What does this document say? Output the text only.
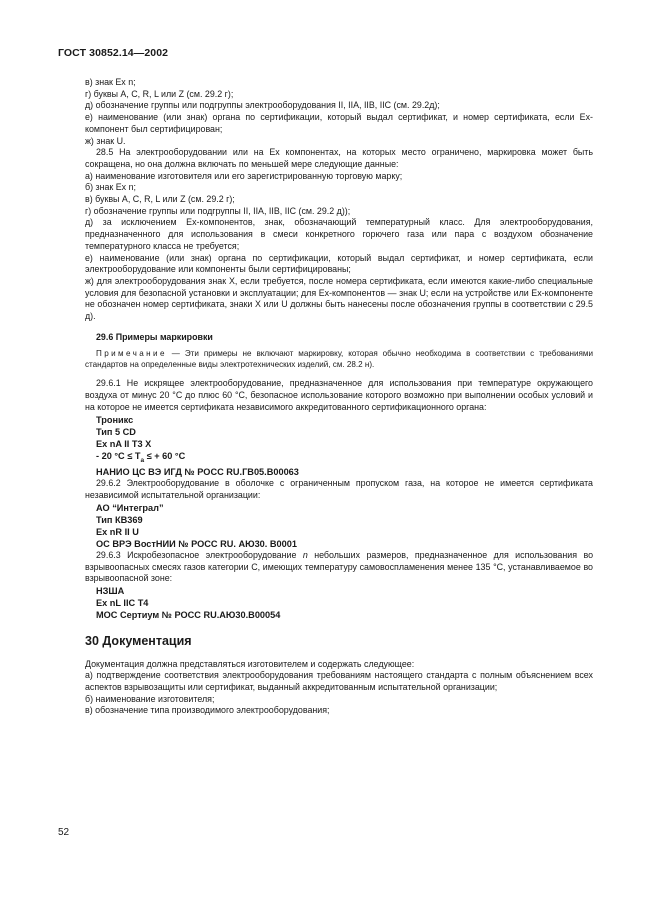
ГОСТ 30852.14—2002

в) знак Ex n;

г) буквы A, C, R, L или Z (см. 29.2 г);

д) обозначение группы или подгруппы электрооборудования II, IIA, IIB, IIC (см. 29.2д);

е) наименование (или знак) органа по сертификации, который выдал сертификат, и номер сертификата, если Ex-компонент был сертифицирован;

ж) знак U.

28.5 На электрооборудовании или на Ex компонентах, на которых место ограничено, маркировка может быть сокращена, но она должна включать по меньшей мере следующие данные:

а) наименование изготовителя или его зарегистрированную торговую марку;

б) знак Ex n;

в) буквы A, C, R, L или Z (см. 29.2 г);

г) обозначение группы или подгруппы II, IIA, IIB, IIC (см. 29.2 д));

д) за исключением Ex-компонентов, знак, обозначающий температурный класс. Для электрооборудования, предназначенного для использования в смеси конкретного горючего газа или пара с воздухом обозначение температурного класса не требуется;

е) наименование (или знак) органа по сертификации, который выдал сертификат, и номер сертификата, если электрооборудование или компоненты были сертифицированы;

ж) для электрооборудования знак X, если требуется, после номера сертификата, если имеются какие-либо специальные условия для безопасной установки и эксплуатации; для Ex-компонентов — знак U; если на устройстве или Ex-компоненте не обозначен номер сертификата, знаки X или U должны быть нанесены после обозначения группы в соответствии с 29.5 д).

29.6 Примеры маркировки

Примечание — Эти примеры не включают маркировку, которая обычно необходима в соответствии с требованиями стандартов на определенные виды электротехнических изделий, см. 28.2 н).

29.6.1 Не искрящее электрооборудование, предназначенное для использования при температуре окружающего воздуха от минус 20 °C до плюс 60 °C, безопасное использование которого возможно при выполнении особых условий и на которое не имеется сертификата независимого аккредитованного сертификационного органа:

Троникс
Тип 5 CD
Ex nA II T3 X
- 20 $^\circ C \le T_a$ ≤ + 60 °C
НАНИО ЦС ВЭ ИГД № РОСС RU.ГВ05.В00063

29.6.2 Электрооборудование в оболочке с ограниченным пропуском газа, на которое не имеется сертификата независимой испытательной организации:

АО “Интеграл”
Тип КВ369
Ex nR II U
ОС ВРЭ ВостНИИ № РОСС RU. АЮ30. В0001

29.6.3 Искробезопасное электрооборудование n небольших размеров, предназначенное для использования во взрывоопасных смесях газов категории C, имеющих температуру самовоспламенения менее 135 °C, устанавливаемое во взрывоопасной зоне:

НЗША
Ex nL IIC T4
МОС Сертиум № РОСС RU.АЮ30.В00054

30 Документация

Документация должна представляться изготовителем и содержать следующее:

а) подтверждение соответствия электрооборудования требованиям настоящего стандарта с полным объяснением всех аспектов взрывозащиты или сертификат, выданный аккредитованным испытательной организации;

б) наименование изготовителя;

в) обозначение типа производимого электрооборудования;

52
